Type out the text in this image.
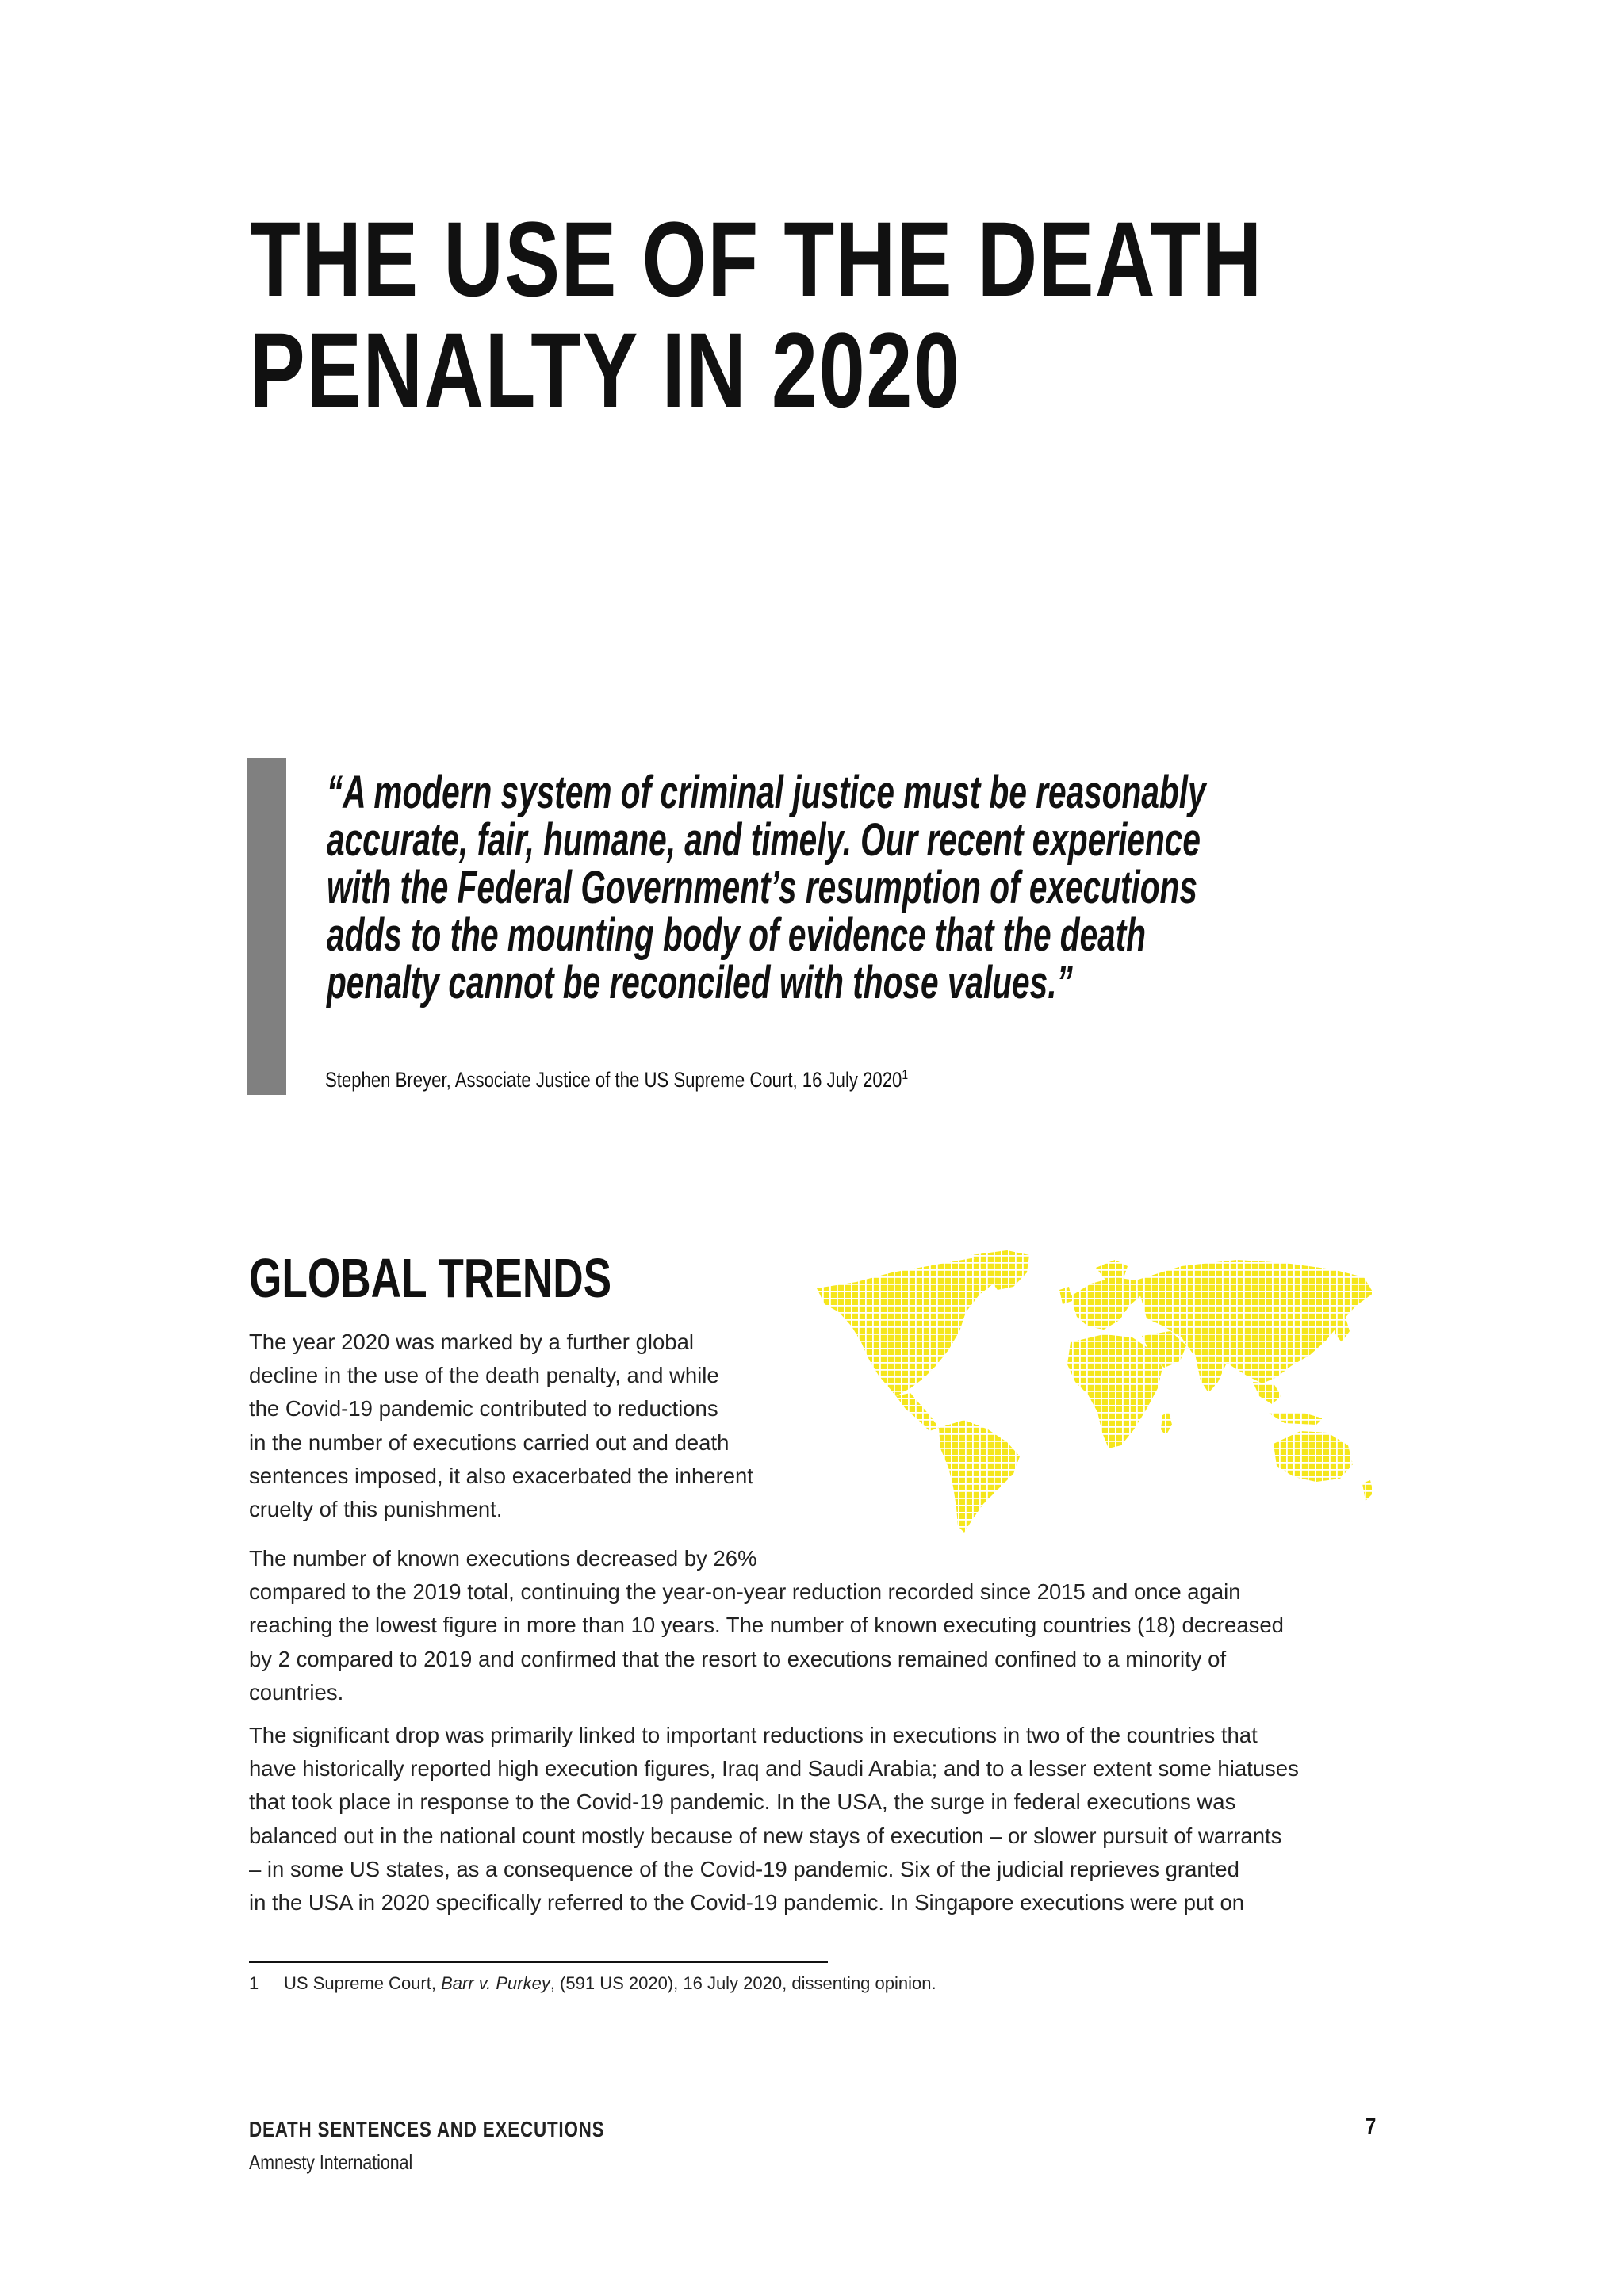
THE USE OF THE DEATH
PENALTY IN 2020
“A modern system of criminal justice must be reasonably
accurate, fair, humane, and timely. Our recent experience
with the Federal Government’s resumption of executions
adds to the mounting body of evidence that the death
penalty cannot be reconciled with those values.”
Stephen Breyer, Associate Justice of the US Supreme Court, 16 July 2020$^1$
GLOBAL TRENDS

The year 2020 was marked by a further global
decline in the use of the death penalty, and while
the Covid-19 pandemic contributed to reductions
in the number of executions carried out and death
sentences imposed, it also exacerbated the inherent
cruelty of this punishment.

The number of known executions decreased by 26%
compared to the 2019 total, continuing the year-on-year reduction recorded since 2015 and once again
reaching the lowest figure in more than 10 years. The number of known executing countries (18) decreased
by 2 compared to 2019 and confirmed that the resort to executions remained confined to a minority of
countries.

The significant drop was primarily linked to important reductions in executions in two of the countries that
have historically reported high execution figures, Iraq and Saudi Arabia; and to a lesser extent some hiatuses
that took place in response to the Covid-19 pandemic. In the USA, the surge in federal executions was
balanced out in the national count mostly because of new stays of execution – or slower pursuit of warrants
– in some US states, as a consequence of the Covid-19 pandemic. Six of the judicial reprieves granted
in the USA in 2020 specifically referred to the Covid-19 pandemic. In Singapore executions were put on

1 US Supreme Court, Barr v. Purkey, (591 US 2020), 16 July 2020, dissenting opinion.
DEATH SENTENCES AND EXECUTIONS
Amnesty International
7
